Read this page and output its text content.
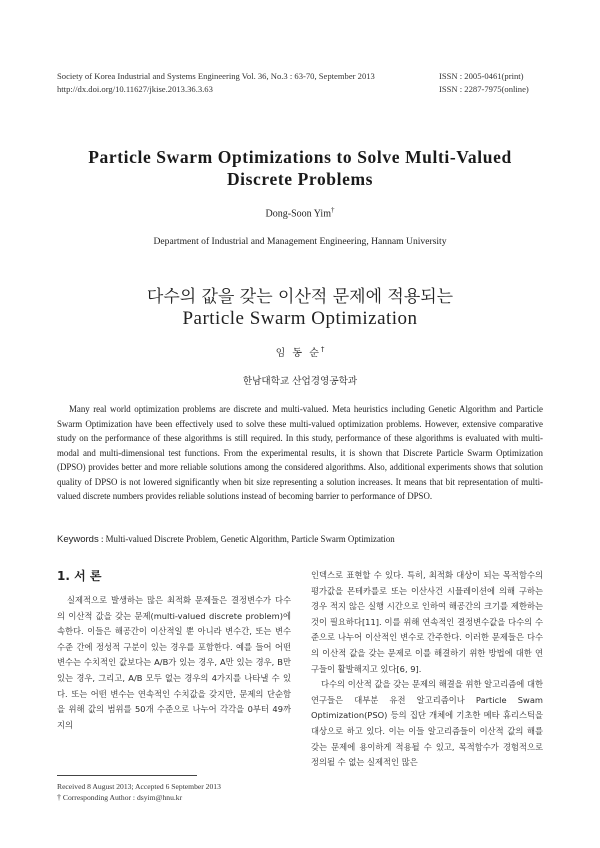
Society of Korea Industrial and Systems Engineering Vol. 36, No.3 : 63-70, September 2013
http://dx.doi.org/10.11627/jkise.2013.36.3.63
ISSN : 2005-0461(print)
ISSN : 2287-7975(online)
Particle Swarm Optimizations to Solve Multi-Valued
Discrete Problems
Dong-Soon Yim†
Department of Industrial and Management Engineering, Hannam University
다수의 값을 갖는 이산적 문제에 적용되는
Particle Swarm Optimization
임 동 순†
한남대학교 산업경영공학과

Many real world optimization problems are discrete and multi-valued. Meta heuristics including Genetic Algorithm and Particle Swarm Optimization have been effectively used to solve these multi-valued optimization problems. However, extensive comparative study on the performance of these algorithms is still required. In this study, performance of these algorithms is evaluated with multi-modal and multi-dimensional test functions. From the experimental results, it is shown that Discrete Particle Swarm Optimization (DPSO) provides better and more reliable solutions among the considered algorithms. Also, additional experiments shows that solution quality of DPSO is not lowered significantly when bit size representing a solution increases. It means that bit representation of multi-valued discrete numbers provides reliable solutions instead of becoming barrier to performance of DPSO.

Keywords : Multi-valued Discrete Problem, Genetic Algorithm, Particle Swarm Optimization
1. 서 론

실제적으로 발생하는 많은 최적화 문제들은 결정변수가 다수의 이산적 값을 갖는 문제(multi-valued discrete problem)에 속한다. 이들은 해공간이 이산적일 뿐 아니라 변수간, 또는 변수 수준 간에 정성적 구분이 있는 경우를 포함한다. 예를 들어 어떤 변수는 수치적인 값보다는 A/B가 있는 경우, A만 있는 경우, B만 있는 경우, 그리고, A/B 모두 없는 경우의 4가지를 나타낼 수 있다. 또는 어떤 변수는 연속적인 수치값을 갖지만, 문제의 단순함을 위해 값의 범위를 50개 수준으로 나누어 각각을 0부터 49까지의

인덱스로 표현할 수 있다. 특히, 최적화 대상이 되는 목적함수의 평가값을 몬테카를로 또는 이산사건 시뮬레이션에 의해 구하는 경우 적지 않은 실행 시간으로 인하여 해공간의 크기를 제한하는 것이 필요하다[11]. 이를 위해 연속적인 결정변수값을 다수의 수준으로 나누어 이산적인 변수로 간주한다. 이러한 문제들은 다수의 이산적 값을 갖는 문제로 이를 해결하기 위한 방법에 대한 연구들이 활발해지고 있다[6, 9].

다수의 이산적 값을 갖는 문제의 해결을 위한 알고리즘에 대한 연구들은 대부분 유전 알고리즘이나 Particle Swam Optimization(PSO) 등의 집단 개체에 기초한 메타 휴리스틱을 대상으로 하고 있다. 이는 이들 알고리즘들이 이산적 값의 해를 갖는 문제에 용이하게 적용될 수 있고, 목적함수가 경험적으로 정의될 수 없는 실제적인 많은

Received 8 August 2013; Accepted 6 September 2013
† Corresponding Author : dsyim@hnu.kr
